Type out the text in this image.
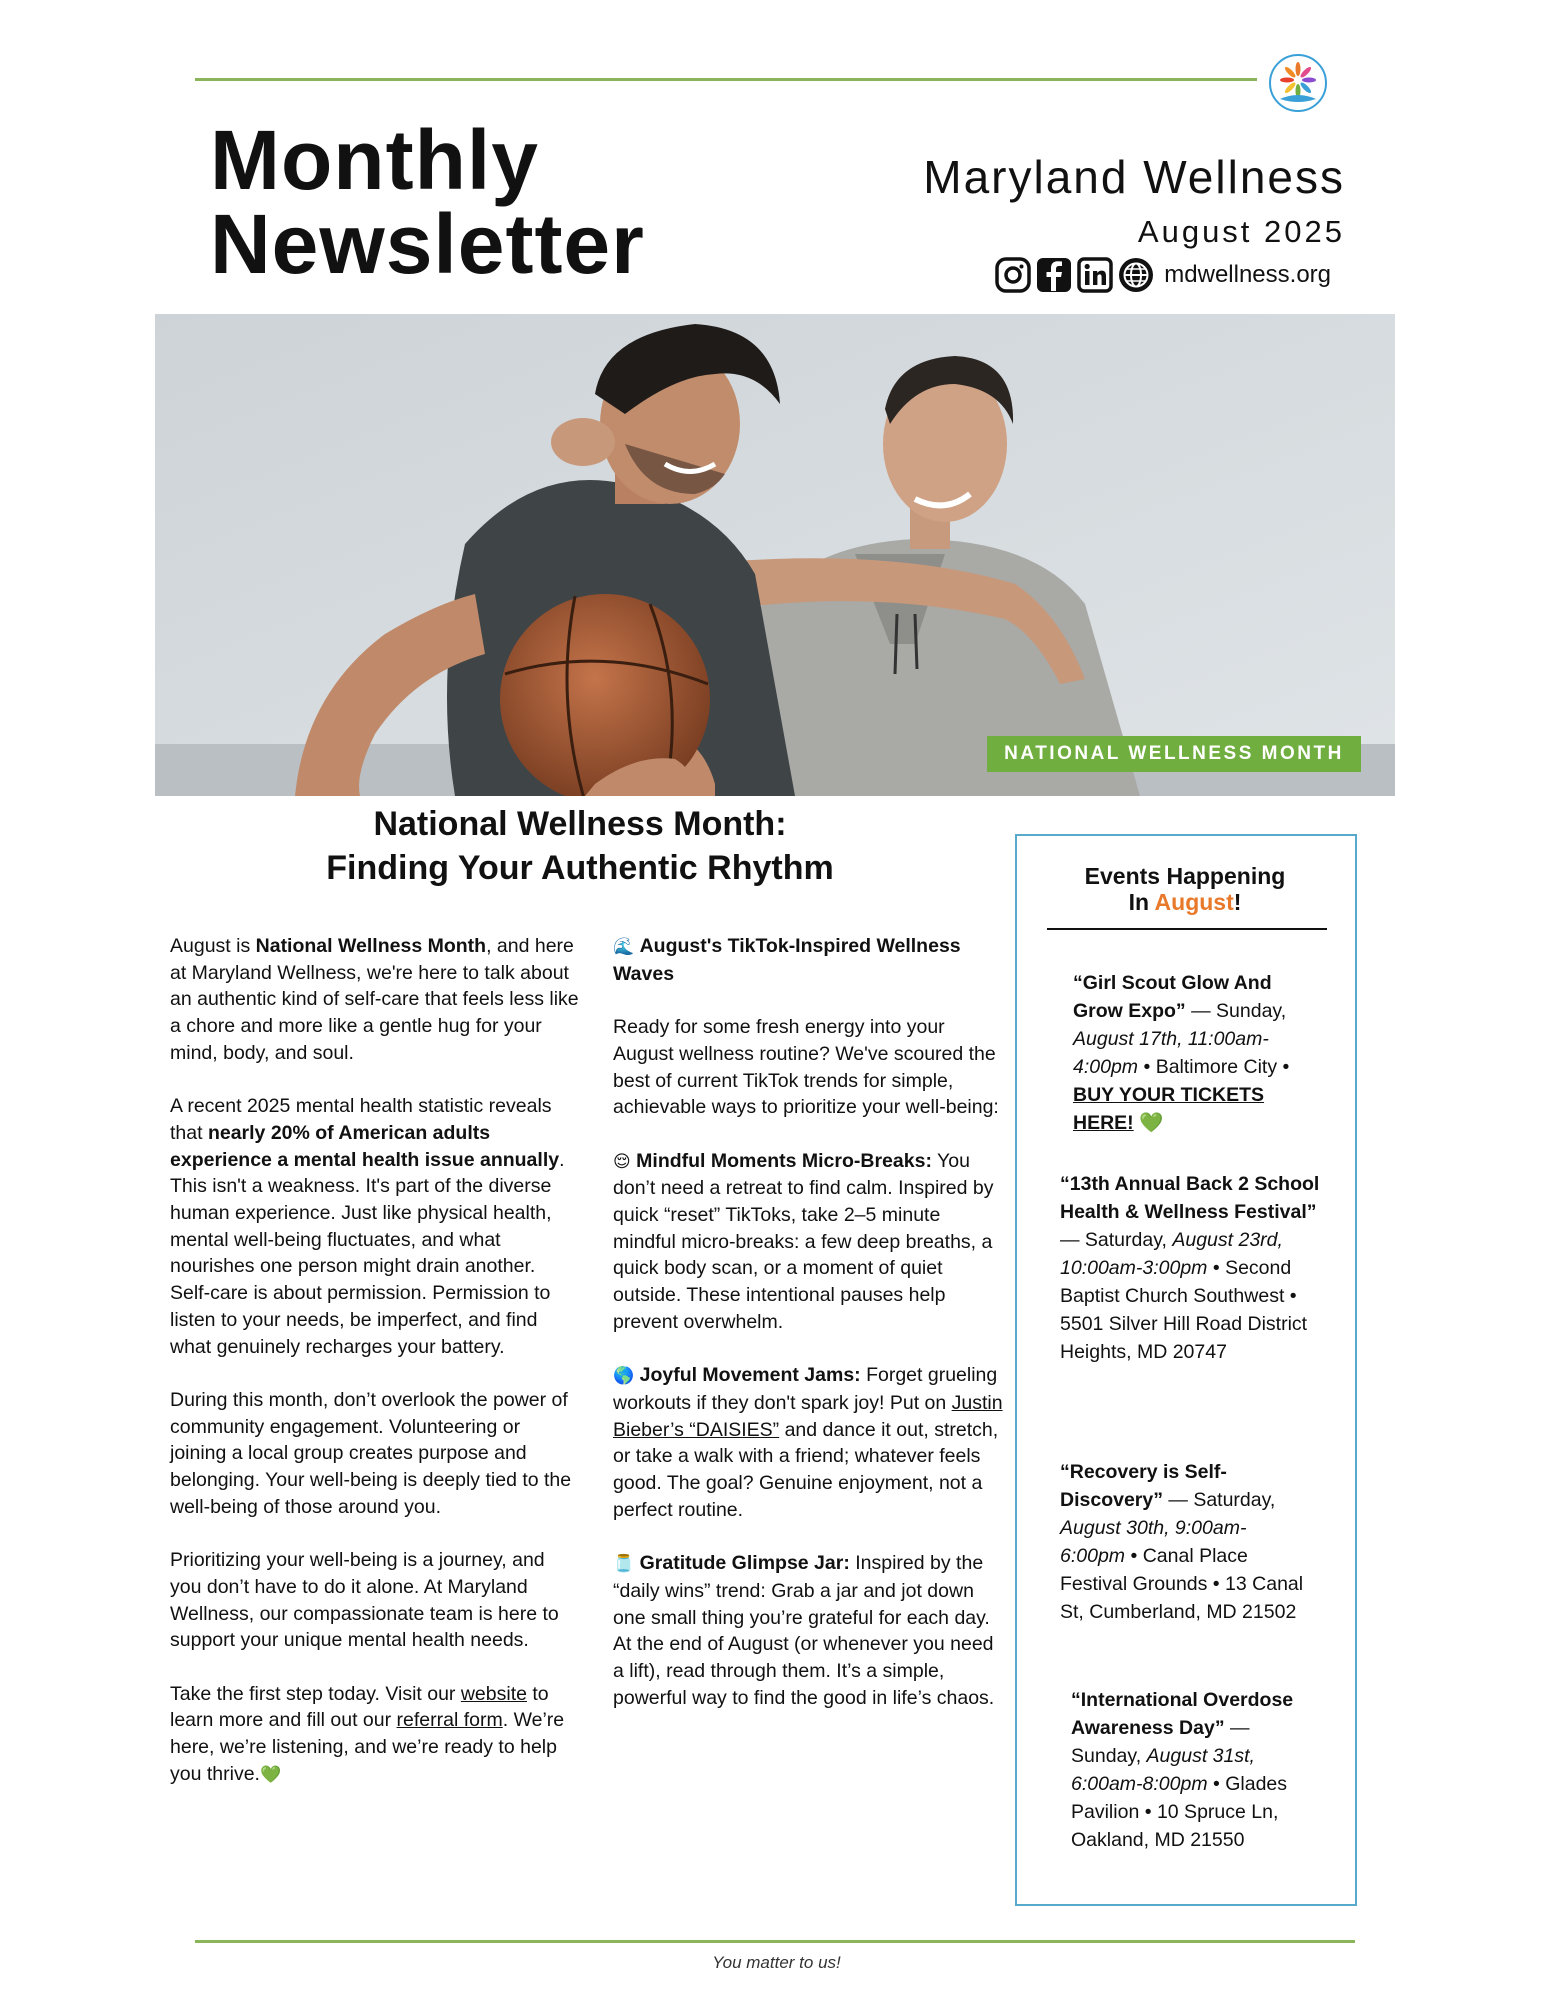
Monthly
Newsletter
Maryland Wellness
August 2025
mdwellness.org
NATIONAL WELLNESS MONTH
National Wellness Month:
Finding Your Authentic Rhythm

August is National Wellness Month, and here at Maryland Wellness, we're here to talk about an authentic kind of self-care that feels less like a chore and more like a gentle hug for your mind, body, and soul.

A recent 2025 mental health statistic reveals that nearly 20% of American adults experience a mental health issue annually. This isn't a weakness. It's part of the diverse human experience. Just like physical health, mental well-being fluctuates, and what nourishes one person might drain another. Self-care is about permission. Permission to listen to your needs, be imperfect, and find what genuinely recharges your battery.

During this month, don’t overlook the power of community engagement. Volunteering or joining a local group creates purpose and belonging. Your well-being is deeply tied to the well-being of those around you.

Prioritizing your well-being is a journey, and you don’t have to do it alone. At Maryland Wellness, our compassionate team is here to support your unique mental health needs.

Take the first step today. Visit our website to learn more and fill out our referral form. We’re here, we’re listening, and we’re ready to help you thrive.💚

🌊 August's TikTok-Inspired Wellness Waves

Ready for some fresh energy into your August wellness routine? We've scoured the best of current TikTok trends for simple, achievable ways to prioritize your well-being:

😌 Mindful Moments Micro-Breaks: You don’t need a retreat to find calm. Inspired by quick “reset” TikToks, take 2–5 minute mindful micro-breaks: a few deep breaths, a quick body scan, or a moment of quiet outside. These intentional pauses help prevent overwhelm.

🌎 Joyful Movement Jams: Forget grueling workouts if they don't spark joy! Put on Justin Bieber’s “DAISIES” and dance it out, stretch, or take a walk with a friend; whatever feels good. The goal? Genuine enjoyment, not a perfect routine.

🫙 Gratitude Glimpse Jar: Inspired by the “daily wins” trend: Grab a jar and jot down one small thing you’re grateful for each day. At the end of August (or whenever you need a lift), read through them. It’s a simple, powerful way to find the good in life’s chaos.

Events Happening
In August!
“Girl Scout Glow And Grow Expo” — Sunday, August 17th, 11:00am-4:00pm • Baltimore City • BUY YOUR TICKETS HERE! 💚
“13th Annual Back 2 School Health & Wellness Festival” — Saturday, August 23rd, 10:00am-3:00pm • Second Baptist Church Southwest • 5501 Silver Hill Road District Heights, MD 20747
“Recovery is Self-Discovery” — Saturday, August 30th, 9:00am-6:00pm • Canal Place Festival Grounds • 13 Canal St, Cumberland, MD 21502
“International Overdose Awareness Day” — Sunday, August 31st, 6:00am-8:00pm • Glades Pavilion • 10 Spruce Ln, Oakland, MD 21550
You matter to us!
